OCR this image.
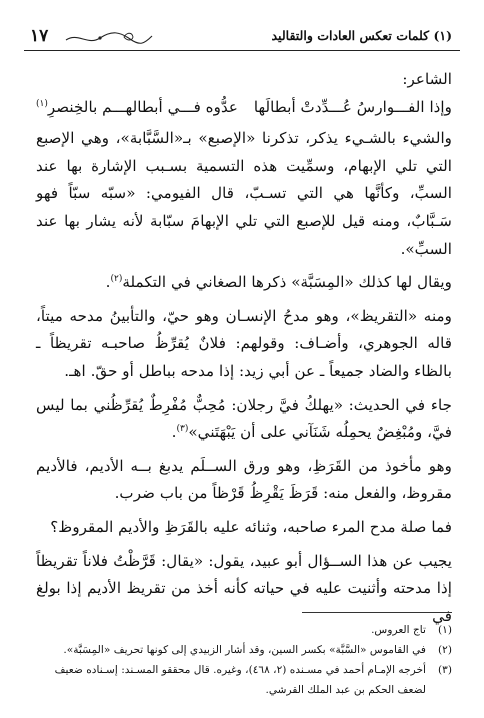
١٧	(١) كلمات تعكس العادات والتقاليد

الشاعر:

وإذا الفـــوارسُ عُـــدِّدتْ أبطالَها
عدُّوه فـــي أبطالهـــم بالخِنصرِ$^{(١)}$

والشيء بالشـيء يذكر، تذكرنا «الإصبع» بـ«السَّبَّابة»، وهي الإصبع التي تلي الإبهام، وسمِّيت هذه التسمية بسـبب الإشارة بها عند السبِّ، وكأنَّها هي التي تسـبّ، قال الفيومي: «سبّه سبّاً فهو سَـبَّابٌ، ومنه قيل للإصبع التي تلي الإبهامَ سبّابة لأنه يشار بها عند السبِّ».

ويقال لها كذلك «المِسَبَّة» ذكرها الصغاني في التكملة$^{(٢)}$.

ومنه «التقريظ»، وهو مدحُ الإنسـان وهو حيّ، والتأبينُ مدحه ميتاً، قاله الجوهري، وأضـاف: وقولهم: فلانٌ يُقرِّظُ صاحبـه تقريظاً ـ بالظاء والضاد جميعاً ـ عن أبي زيد: إذا مدحه بباطل أو حقّ. اهـ.

جاء في الحديث: «يهلكُ فيَّ رجلان: مُحِبٌّ مُفْرِطٌ يُقرِّظُني بما ليس فيَّ، ومُبْغِضٌ يحمِلُه شَنَآني على أن يَبْهَتَني»$^{(٣)}$.

وهو مأخوذ من القَرَظِ، وهو ورق الســلَم يدبغ بــه الأديم، فالأديم مقروظ، والفعل منه: قَرَظَ يَقْرِظُ قَرْظاً من باب ضرب.

فما صلة مدح المرء صاحبه، وثنائه عليه بالقَرَظِ والأديم المقروظ؟

يجيب عن هذا الســؤال أبو عبيد، يقول: «يقال: قَرَّظْتُ فلاناً تقريظاً إذا مدحته وأثنيت عليه في حياته كأنه أخذ من تقريظ الأديم إذا بولغ في

(١)
تاج العروس.
(٢)
في القاموس «السَّبَّة» بكسر السين، وقد أشار الزبيدي إلى كونها تحريف «المِسَبَّة».
(٣)
أخرجه الإمـام أحمد في مسـنده (٢، ٤٦٨)، وغيره. قال محققو المسـند: إسـناده ضعيف
لضعف الحكم بن عبد الملك القرشي.
